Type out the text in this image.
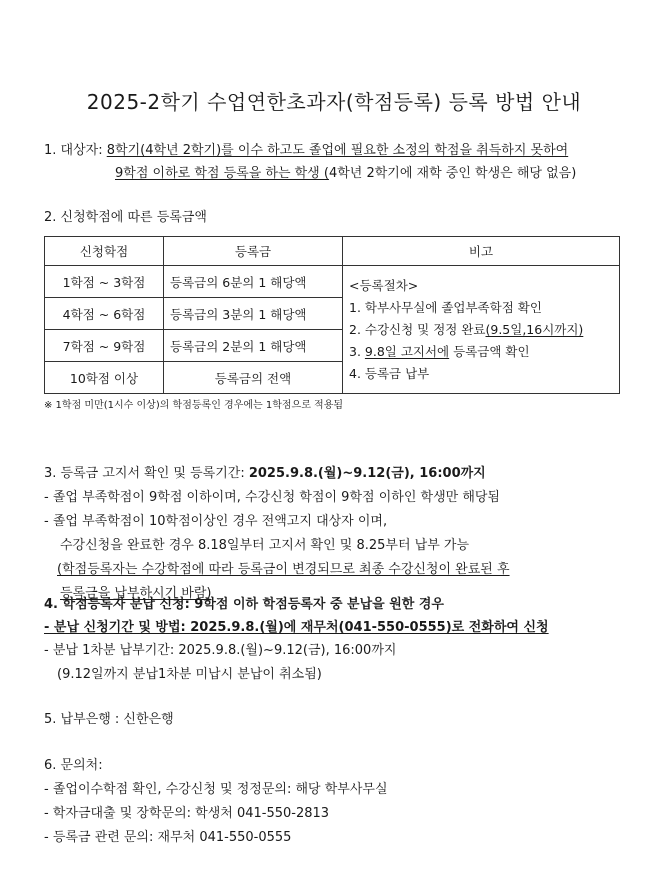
2025-2학기 수업연한초과자(학점등록) 등록 방법 안내
1. 대상자: 8학기(4학년 2학기)를 이수 하고도 졸업에 필요한 소정의 학점을 취득하지 못하여
9학점 이하로 학점 등록을 하는 학생 (4학년 2학기에 재학 중인 학생은 해당 없음)
2. 신청학점에 따른 등록금액
신청학점	등록금	비고
1학점 ~ 3학점	등록금의 6분의 1 해당액	<등록절차>
1. 학부사무실에 졸업부족학점 확인
2. 수강신청 및 정정 완료(9.5일,16시까지)
3. 9.8일 고지서에 등록금액 확인
4. 등록금 납부

4학점 ~ 6학점	등록금의 3분의 1 해당액	
7학점 ~ 9학점	등록금의 2분의 1 해당액	
10학점 이상	등록금의 전액	
※ 1학점 미만(1시수 이상)의 학점등록인 경우에는 1학점으로 적용됨
3. 등록금 고지서 확인 및 등록기간: 2025.9.8.(월)~9.12(금), 16:00까지
- 졸업 부족학점이 9학점 이하이며, 수강신청 학점이 9학점 이하인 학생만 해당됨
- 졸업 부족학점이 10학점이상인 경우 전액고지 대상자 이며,
수강신청을 완료한 경우 8.18일부터 고지서 확인 및 8.25부터 납부 가능
(학점등록자는 수강학점에 따라 등록금이 변경되므로 최종 수강신청이 완료된 후
등록금을 납부하시기 바람)
4. 학점등록자 분납 신청: 9학점 이하 학점등록자 중 분납을 원한 경우
- 분납 신청기간 및 방법: 2025.9.8.(월)에 재무처(041-550-0555)로 전화하여 신청
- 분납 1차분 납부기간: 2025.9.8.(월)~9.12(금), 16:00까지
(9.12일까지 분납1차분 미납시 분납이 취소됨)
5. 납부은행 : 신한은행
6. 문의처:
- 졸업이수학점 확인, 수강신청 및 정정문의: 해당 학부사무실
- 학자금대출 및 장학문의: 학생처 041-550-2813
- 등록금 관련 문의: 재무처 041-550-0555
